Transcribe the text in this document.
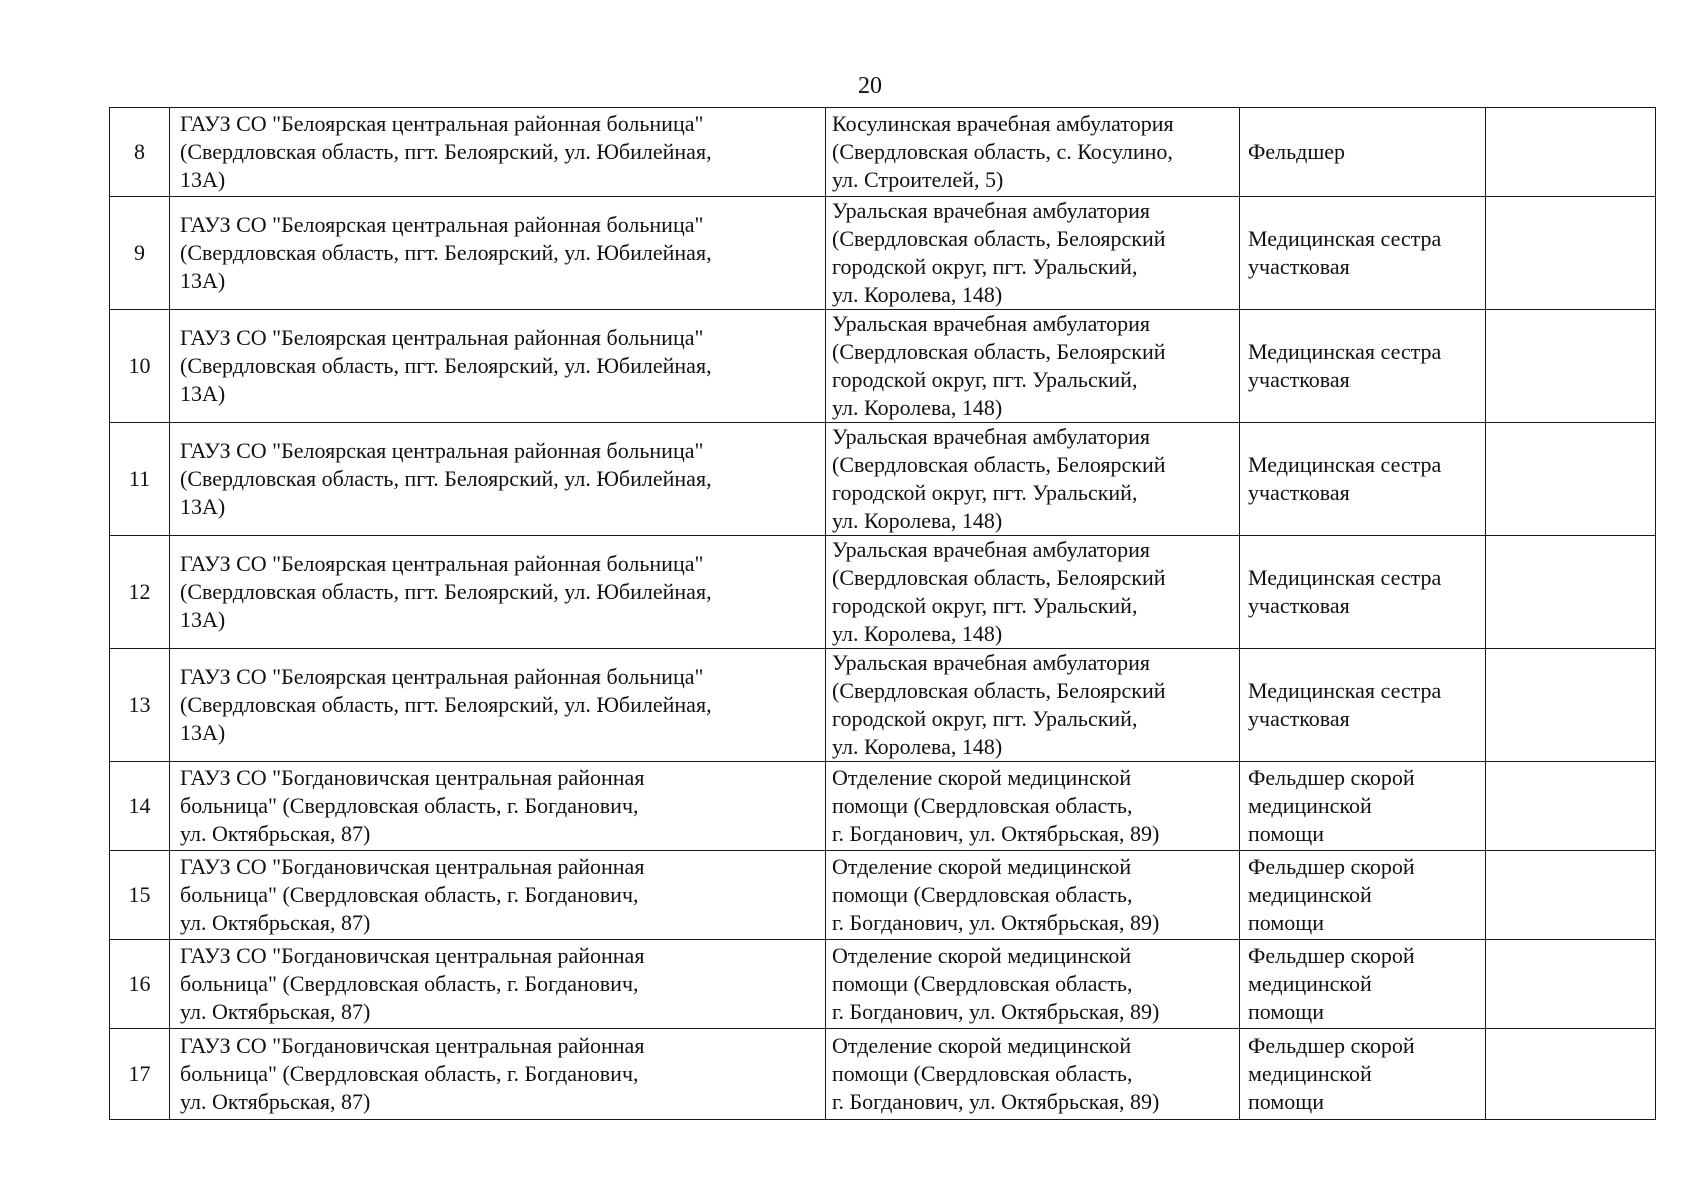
20
8	ГАУЗ СО "Белоярская центральная районная больница"
(Свердловская область, пгт. Белоярский, ул. Юбилейная,
13А)	Косулинская врачебная амбулатория
(Свердловская область, с. Косулино,
ул. Строителей, 5)	Фельдшер	

9	ГАУЗ СО "Белоярская центральная районная больница"
(Свердловская область, пгт. Белоярский, ул. Юбилейная,
13А)	Уральская врачебная амбулатория
(Свердловская область, Белоярский
городской округ, пгт. Уральский,
ул. Королева, 148)	Медицинская сестра
участковая	

10	ГАУЗ СО "Белоярская центральная районная больница"
(Свердловская область, пгт. Белоярский, ул. Юбилейная,
13А)	Уральская врачебная амбулатория
(Свердловская область, Белоярский
городской округ, пгт. Уральский,
ул. Королева, 148)	Медицинская сестра
участковая	

11	ГАУЗ СО "Белоярская центральная районная больница"
(Свердловская область, пгт. Белоярский, ул. Юбилейная,
13А)	Уральская врачебная амбулатория
(Свердловская область, Белоярский
городской округ, пгт. Уральский,
ул. Королева, 148)	Медицинская сестра
участковая	

12	ГАУЗ СО "Белоярская центральная районная больница"
(Свердловская область, пгт. Белоярский, ул. Юбилейная,
13А)	Уральская врачебная амбулатория
(Свердловская область, Белоярский
городской округ, пгт. Уральский,
ул. Королева, 148)	Медицинская сестра
участковая	

13	ГАУЗ СО "Белоярская центральная районная больница"
(Свердловская область, пгт. Белоярский, ул. Юбилейная,
13А)	Уральская врачебная амбулатория
(Свердловская область, Белоярский
городской округ, пгт. Уральский,
ул. Королева, 148)	Медицинская сестра
участковая	

14	ГАУЗ СО "Богдановичская центральная районная
больница" (Свердловская область, г. Богданович,
ул. Октябрьская, 87)	Отделение скорой медицинской
помощи (Свердловская область,
г. Богданович, ул. Октябрьская, 89)	Фельдшер скорой
медицинской
помощи	

15	ГАУЗ СО "Богдановичская центральная районная
больница" (Свердловская область, г. Богданович,
ул. Октябрьская, 87)	Отделение скорой медицинской
помощи (Свердловская область,
г. Богданович, ул. Октябрьская, 89)	Фельдшер скорой
медицинской
помощи	

16	ГАУЗ СО "Богдановичская центральная районная
больница" (Свердловская область, г. Богданович,
ул. Октябрьская, 87)	Отделение скорой медицинской
помощи (Свердловская область,
г. Богданович, ул. Октябрьская, 89)	Фельдшер скорой
медицинской
помощи	

17	ГАУЗ СО "Богдановичская центральная районная
больница" (Свердловская область, г. Богданович,
ул. Октябрьская, 87)	Отделение скорой медицинской
помощи (Свердловская область,
г. Богданович, ул. Октябрьская, 89)	Фельдшер скорой
медицинской
помощи	
